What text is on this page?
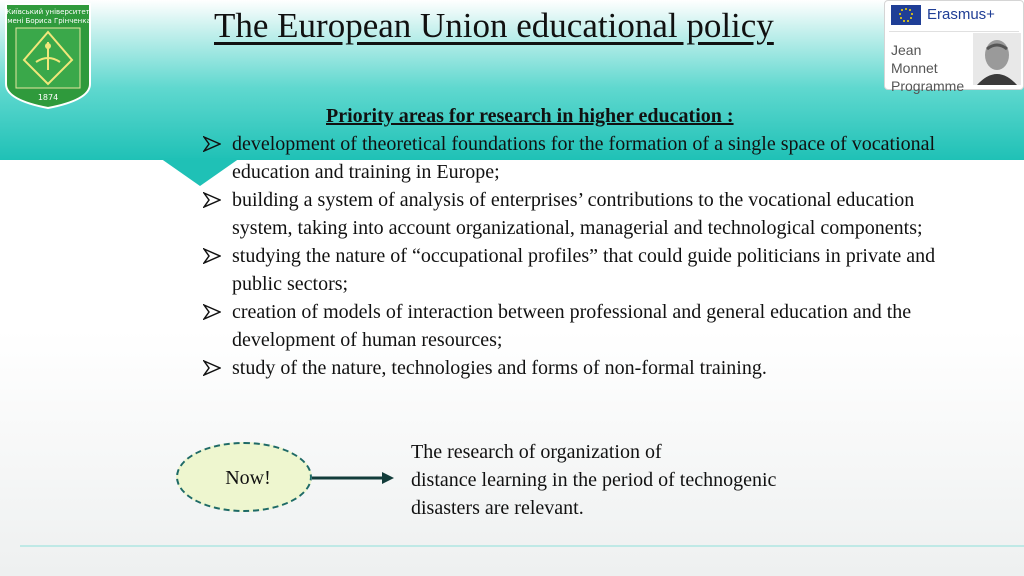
Київський університет
імені Бориса Грінченка
1874
The European Union educational policy	Erasmus+
Jean Monnet
Programme
Priority areas for research in higher education :
development of theoretical foundations for the formation of a single space of vocational education and training in Europe;
building a system of analysis of enterprises’ contributions to the vocational education system, taking into account organizational, managerial and technological components;
studying the nature of “occupational profiles” that could guide politicians in private and public sectors;
creation of models of interaction between professional and general education and the development of human resources;
study of the nature, technologies and forms of non-formal training.
Now!
The research of organization of
distance learning in the period of technogenic
disasters are relevant.
